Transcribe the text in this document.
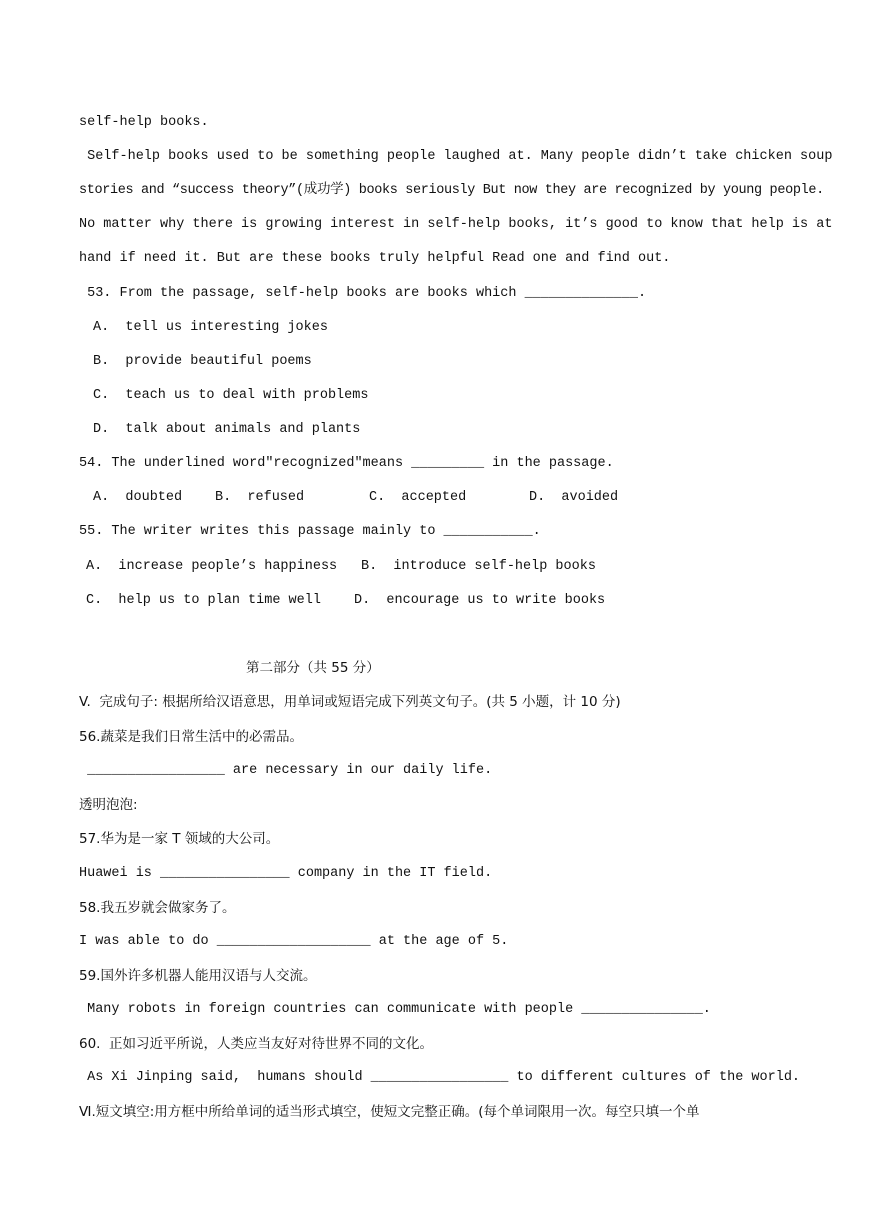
self-help books.
Self-help books used to be something people laughed at. Many people didn’t take chicken soup
stories and “success theory”(成功学) books seriously But now they are recognized by young people.
No matter why there is growing interest in self-help books, it’s good to know that help is at
hand if need it. But are these books truly helpful Read one and find out.
53. From the passage, self-help books are books which ______________.
A.  tell us interesting jokes
B.  provide beautiful poems
C.  teach us to deal with problems
D.  talk about animals and plants
54. The underlined word"recognized"means _________ in the passage.
A.  doubted B.  refused	C.  accepted	D.  avoided
55. The writer writes this passage mainly to ___________.
A.  increase people’s happiness B.  introduce self-help books
C.  help us to plan time well D.  encourage us to write books
第二部分（共 55 分）
V.  完成句子: 根据所给汉语意思，用单词或短语完成下列英文句子。(共 5 小题，计 10 分)
56.蔬菜是我们日常生活中的必需品。
_________________ are necessary in our daily life.
透明泡泡:
57.华为是一家 T 领域的大公司。
Huawei is ________________ company in the IT field.
58.我五岁就会做家务了。
I was able to do ___________________ at the age of 5.
59.国外许多机器人能用汉语与人交流。
Many robots in foreign countries can communicate with people _______________.
60.  正如习近平所说，人类应当友好对待世界不同的文化。
As Xi Jinping said,  humans should _________________ to different cultures of the world.
Ⅵ.短文填空:用方框中所给单词的适当形式填空，使短文完整正确。(每个单词限用一次。每空只填一个单
